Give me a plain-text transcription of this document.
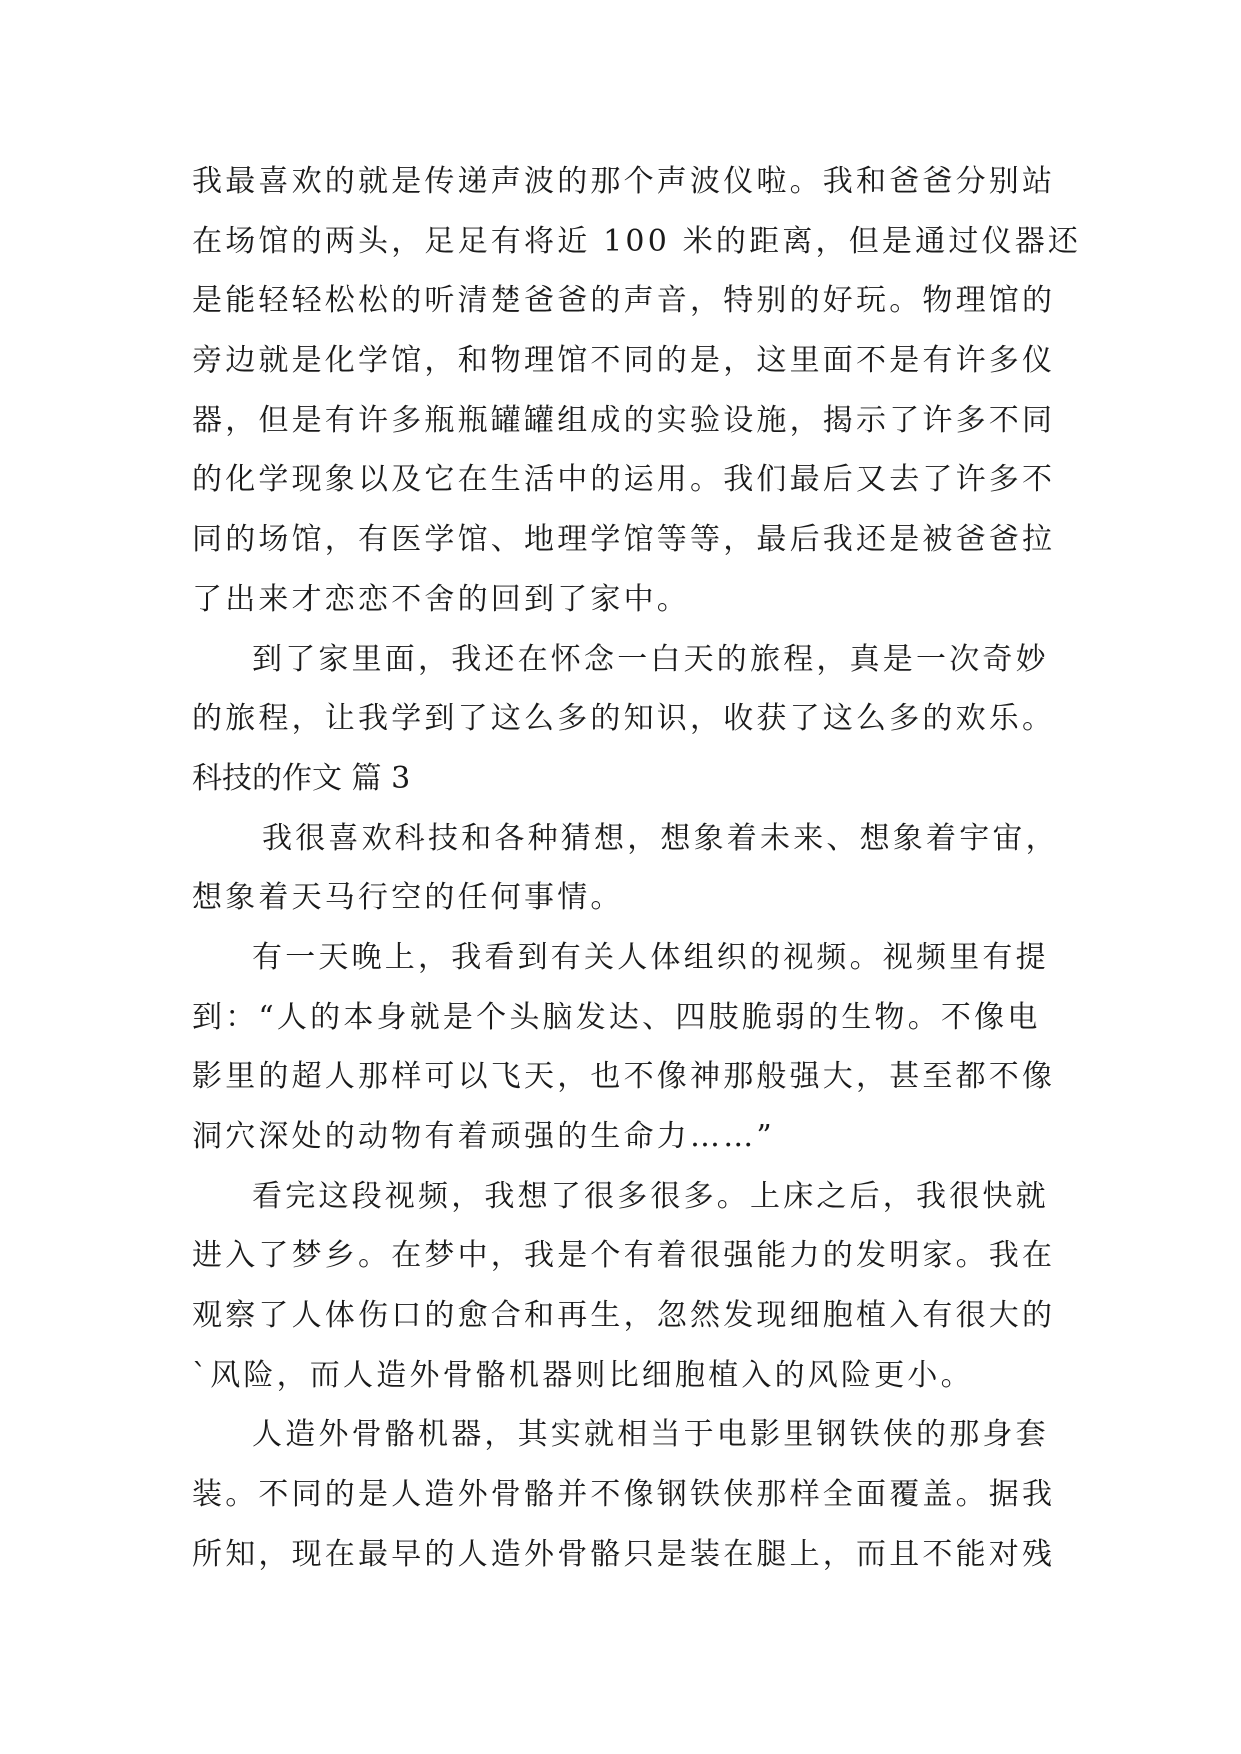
我最喜欢的就是传递声波的那个声波仪啦。我和爸爸分别站
在场馆的两头，足足有将近 100 米的距离，但是通过仪器还
是能轻轻松松的听清楚爸爸的声音，特别的好玩。物理馆的
旁边就是化学馆，和物理馆不同的是，这里面不是有许多仪
器，但是有许多瓶瓶罐罐组成的实验设施，揭示了许多不同
的化学现象以及它在生活中的运用。我们最后又去了许多不
同的场馆，有医学馆、地理学馆等等，最后我还是被爸爸拉
了出来才恋恋不舍的回到了家中。
到了家里面，我还在怀念一白天的旅程，真是一次奇妙
的旅程，让我学到了这么多的知识，收获了这么多的欢乐。
科技的作文 篇 3
我很喜欢科技和各种猜想，想象着未来、想象着宇宙，
想象着天马行空的任何事情。
有一天晚上，我看到有关人体组织的视频。视频里有提
到：“人的本身就是个头脑发达、四肢脆弱的生物。不像电
影里的超人那样可以飞天，也不像神那般强大，甚至都不像
洞穴深处的动物有着顽强的生命力……”
看完这段视频，我想了很多很多。上床之后，我很快就
进入了梦乡。在梦中，我是个有着很强能力的发明家。我在
观察了人体伤口的愈合和再生，忽然发现细胞植入有很大的
`风险，而人造外骨骼机器则比细胞植入的风险更小。
人造外骨骼机器，其实就相当于电影里钢铁侠的那身套
装。不同的是人造外骨骼并不像钢铁侠那样全面覆盖。据我
所知，现在最早的人造外骨骼只是装在腿上，而且不能对残
